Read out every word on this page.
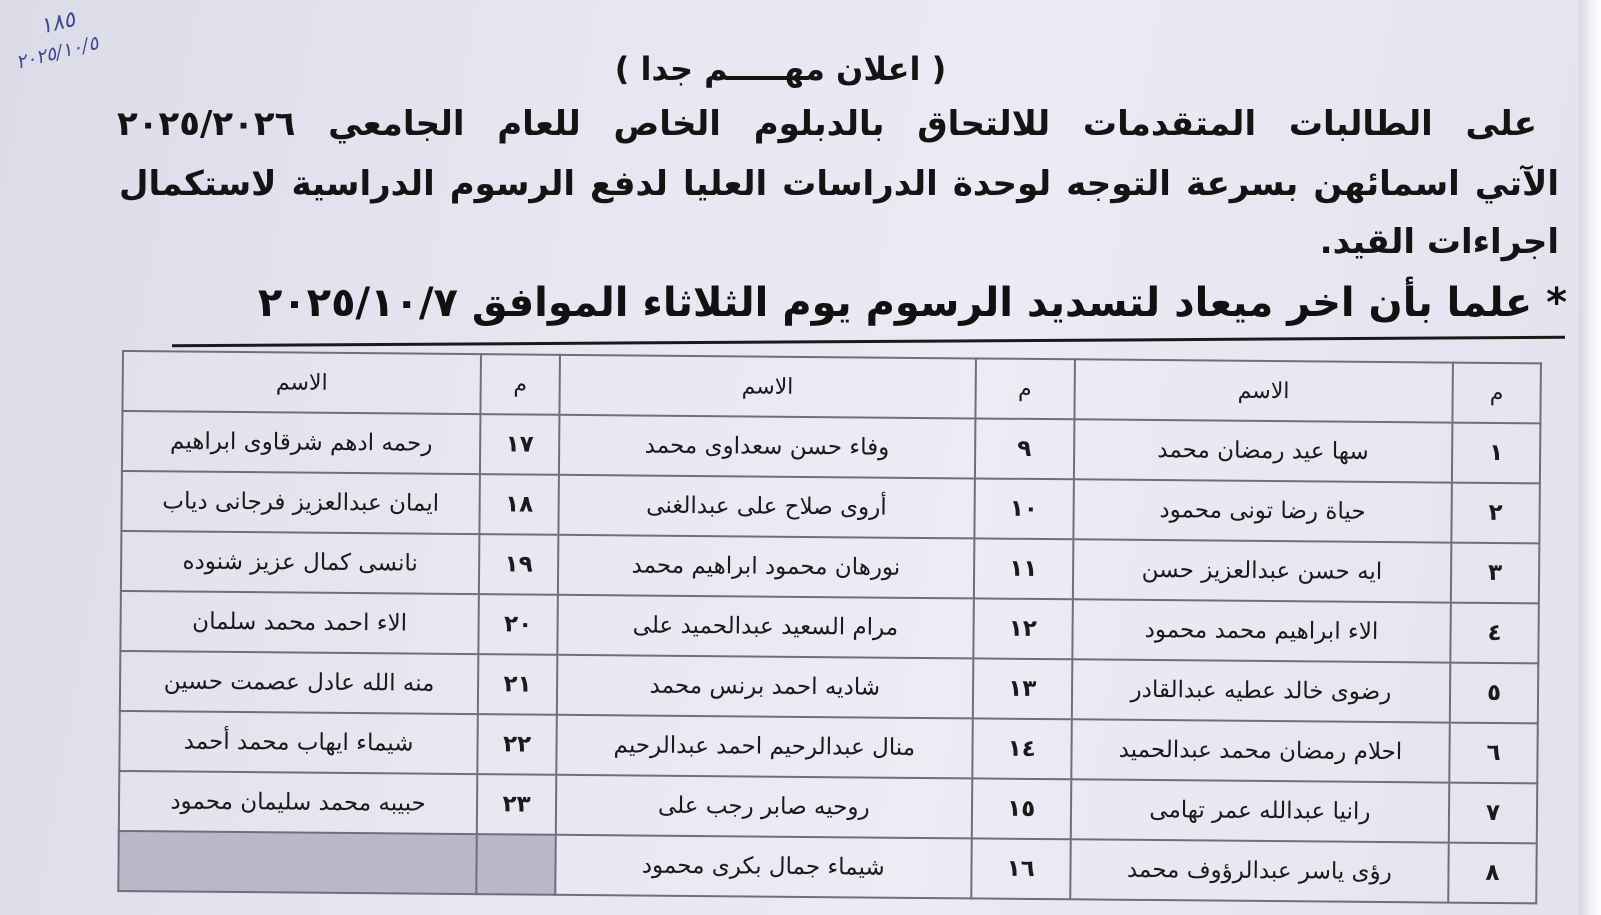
١٨٥
٢٠٢٥/١٠/٥	( اعلان مهـــــم جدا )
على الطالبات المتقدمات للالتحاق بالدبلوم الخاص للعام الجامعي ٢٠٢٥/٢٠٢٦
الآتي اسمائهن بسرعة التوجه لوحدة الدراسات العليا لدفع الرسوم الدراسية لاستكمال
اجراءات القيد.
* علما بأن اخر ميعاد لتسديد الرسوم يوم الثلاثاء الموافق ٢٠٢٥/١٠/٧
م	الاسم	م	الاسم	م	الاسم
١	سها عيد رمضان محمد	٩	وفاء حسن سعداوى محمد	١٧	رحمه ادهم شرقاوى ابراهيم
٢	حياة رضا تونى محمود	١٠	أروى صلاح على عبدالغنى	١٨	ايمان عبدالعزيز فرجانى دياب
٣	ايه حسن عبدالعزيز حسن	١١	نورهان محمود ابراهيم محمد	١٩	نانسى كمال عزيز شنوده
٤	الاء ابراهيم محمد محمود	١٢	مرام السعيد عبدالحميد على	٢٠	الاء احمد محمد سلمان
٥	رضوى خالد عطيه عبدالقادر	١٣	شاديه احمد برنس محمد	٢١	منه الله عادل عصمت حسين
٦	احلام رمضان محمد عبدالحميد	١٤	منال عبدالرحيم احمد عبدالرحيم	٢٢	شيماء ايهاب محمد أحمد
٧	رانيا عبدالله عمر تهامى	١٥	روحيه صابر رجب على	٢٣	حبيبه محمد سليمان محمود
٨	رؤى ياسر عبدالرؤوف محمد	١٦	شيماء جمال بكرى محمود		
